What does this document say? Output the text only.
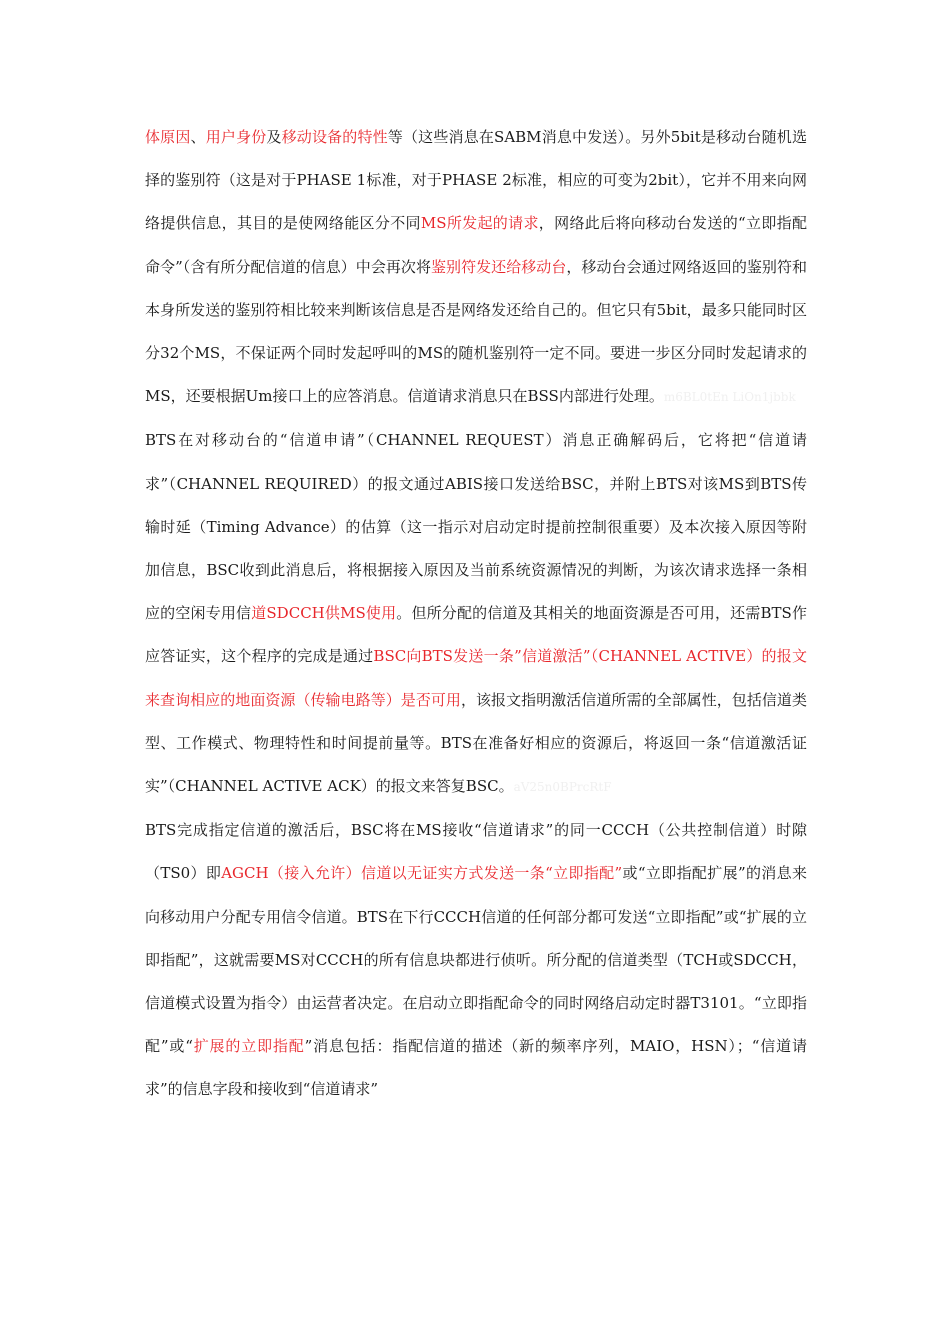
体原因、用户身份及移动设备的特性等（这些消息在SABM消息中发送）。另外5bit是移动台随机选择的鉴别符（这是对于PHASE 1标准，对于PHASE 2标准，相应的可变为2bit），它并不用来向网络提供信息，其目的是使网络能区分不同MS所发起的请求，网络此后将向移动台发送的“立即指配命令”（含有所分配信道的信息）中会再次将鉴别符发还给移动台，移动台会通过网络返回的鉴别符和本身所发送的鉴别符相比较来判断该信息是否是网络发还给自己的。但它只有5bit，最多只能同时区分32个MS，不保证两个同时发起呼叫的MS的随机鉴别符一定不同。要进一步区分同时发起请求的MS，还要根据Um接口上的应答消息。信道请求消息只在BSS内部进行处理。m6BL0tEn LiOn1jbbk

BTS在对移动台的“信道申请”（CHANNEL REQUEST）消息正确解码后，它将把“信道请求”（CHANNEL REQUIRED）的报文通过ABIS接口发送给BSC，并附上BTS对该MS到BTS传输时延（Timing Advance）的估算（这一指示对启动定时提前控制很重要）及本次接入原因等附加信息，BSC收到此消息后，将根据接入原因及当前系统资源情况的判断，为该次请求选择一条相应的空闲专用信道SDCCH供MS使用。但所分配的信道及其相关的地面资源是否可用，还需BTS作应答证实，这个程序的完成是通过BSC向BTS发送一条”信道激活”（CHANNEL ACTIVE）的报文来查询相应的地面资源（传输电路等）是否可用，该报文指明激活信道所需的全部属性，包括信道类型、工作模式、物理特性和时间提前量等。BTS在准备好相应的资源后，将返回一条“信道激活证实”（CHANNEL ACTIVE ACK）的报文来答复BSC。aV25n0BPrcRtF

BTS完成指定信道的激活后，BSC将在MS接收“信道请求”的同一CCCH（公共控制信道）时隙（TS0）即AGCH（接入允许）信道以无证实方式发送一条“立即指配”或“立即指配扩展”的消息来向移动用户分配专用信令信道。BTS在下行CCCH信道的任何部分都可发送“立即指配”或“扩展的立即指配”，这就需要MS对CCCH的所有信息块都进行侦听。所分配的信道类型（TCH或SDCCH，信道模式设置为指令）由运营者决定。在启动立即指配命令的同时网络启动定时器T3101。“立即指配”或“扩展的立即指配”消息包括：指配信道的描述（新的频率序列，MAIO，HSN）；“信道请求”的信息字段和接收到“信道请求”
